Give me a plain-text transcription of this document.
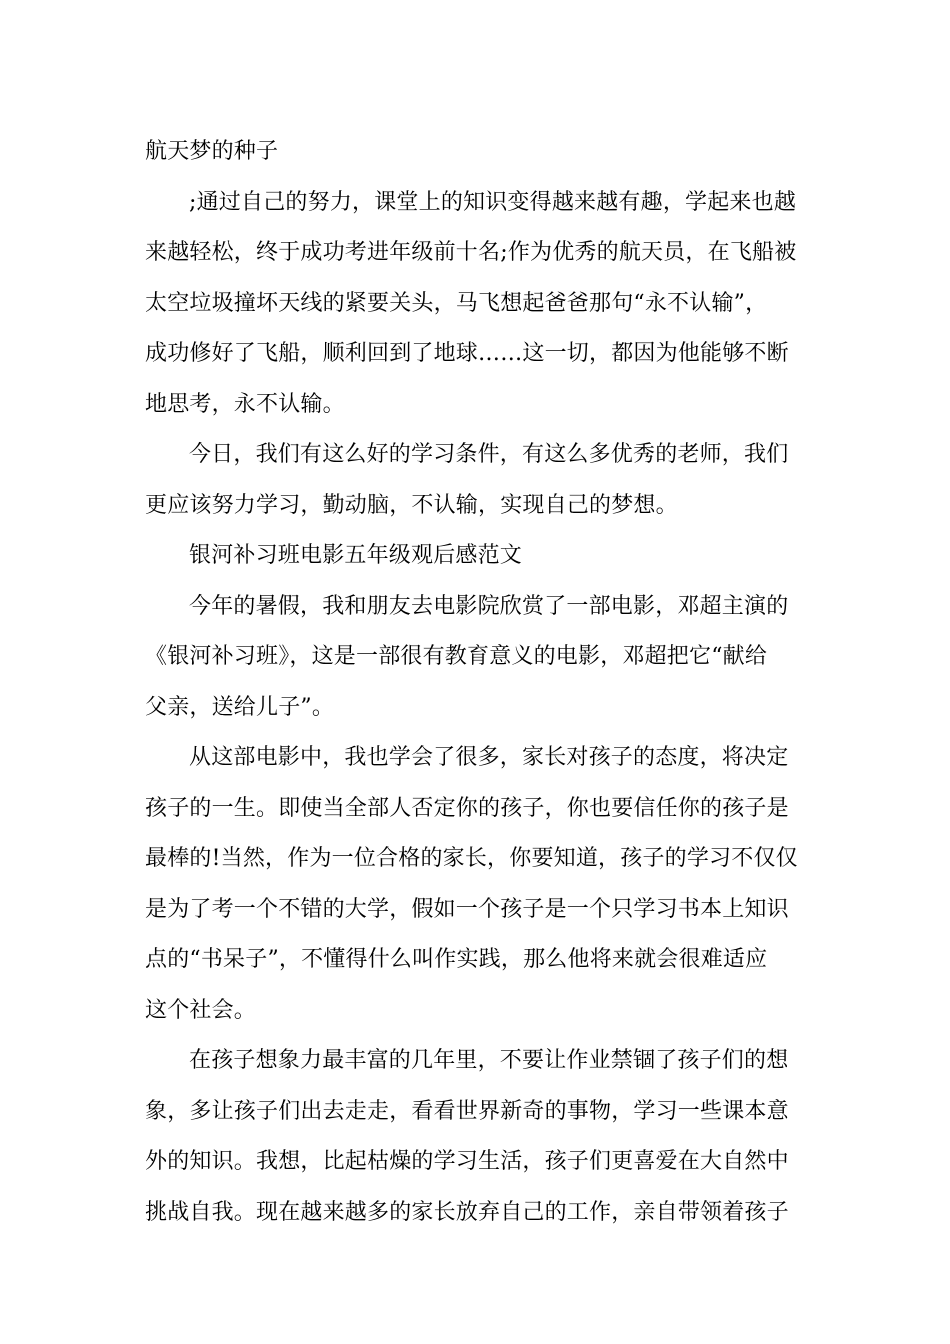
航天梦的种子
;通过自己的努力，课堂上的知识变得越来越有趣，学起来也越
来越轻松，终于成功考进年级前十名;作为优秀的航天员，在飞船被
太空垃圾撞坏天线的紧要关头，马飞想起爸爸那句“永不认输”，
成功修好了飞船，顺利回到了地球……这一切，都因为他能够不断
地思考，永不认输。
今日，我们有这么好的学习条件，有这么多优秀的老师，我们
更应该努力学习，勤动脑，不认输，实现自己的梦想。
银河补习班电影五年级观后感范文
今年的暑假，我和朋友去电影院欣赏了一部电影，邓超主演的
《银河补习班》，这是一部很有教育意义的电影，邓超把它“献给
父亲，送给儿子”。
从这部电影中，我也学会了很多，家长对孩子的态度，将决定
孩子的一生。即使当全部人否定你的孩子，你也要信任你的孩子是
最棒的!当然，作为一位合格的家长，你要知道，孩子的学习不仅仅
是为了考一个不错的大学，假如一个孩子是一个只学习书本上知识
点的“书呆子”，不懂得什么叫作实践，那么他将来就会很难适应
这个社会。
在孩子想象力最丰富的几年里，不要让作业禁锢了孩子们的想
象，多让孩子们出去走走，看看世界新奇的事物，学习一些课本意
外的知识。我想，比起枯燥的学习生活，孩子们更喜爱在大自然中
挑战自我。现在越来越多的家长放弃自己的工作，亲自带领着孩子
